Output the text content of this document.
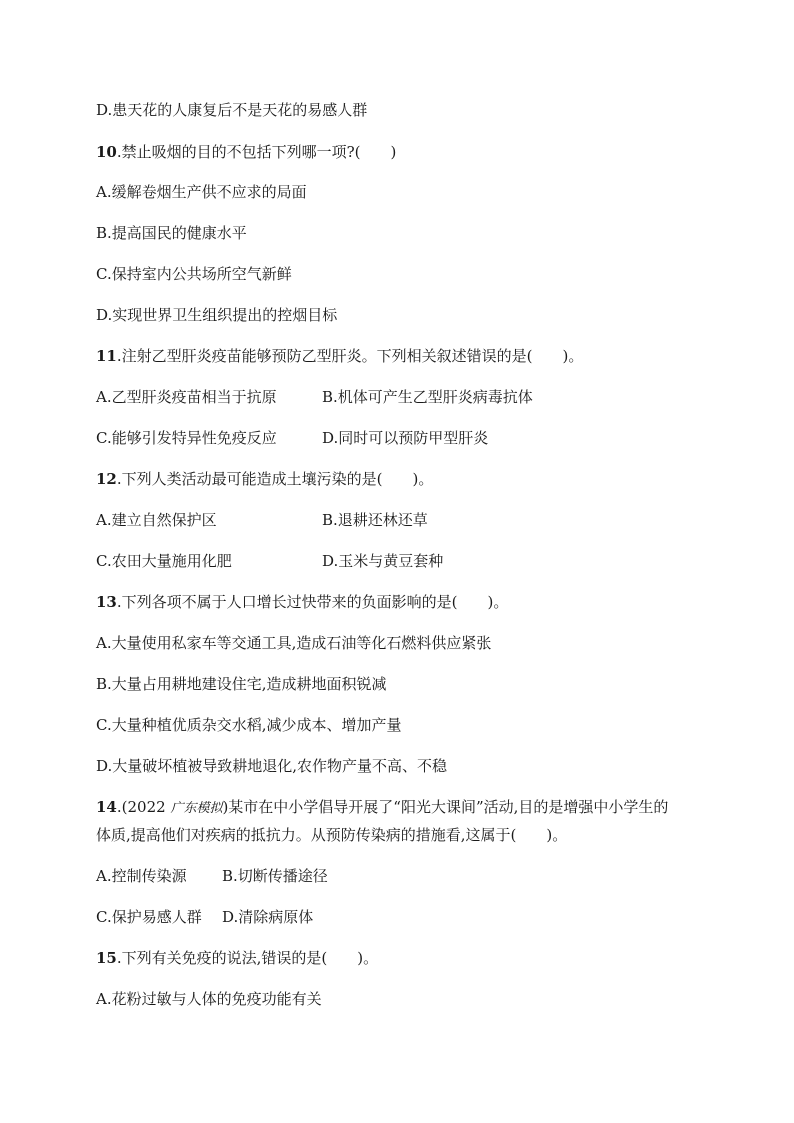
D.患天花的人康复后不是天花的易感人群
10.禁止吸烟的目的不包括下列哪一项?(　　)
A.缓解卷烟生产供不应求的局面
B.提高国民的健康水平
C.保持室内公共场所空气新鲜
D.实现世界卫生组织提出的控烟目标
11.注射乙型肝炎疫苗能够预防乙型肝炎。下列相关叙述错误的是(　　)。
A.乙型肝炎疫苗相当于抗原	B.机体可产生乙型肝炎病毒抗体
C.能够引发特异性免疫反应	D.同时可以预防甲型肝炎
12.下列人类活动最可能造成土壤污染的是(　　)。
A.建立自然保护区	B.退耕还林还草
C.农田大量施用化肥	D.玉米与黄豆套种
13.下列各项不属于人口增长过快带来的负面影响的是(　　)。
A.大量使用私家车等交通工具,造成石油等化石燃料供应紧张
B.大量占用耕地建设住宅,造成耕地面积锐减
C.大量种植优质杂交水稻,减少成本、增加产量
D.大量破坏植被导致耕地退化,农作物产量不高、不稳
14.(2022 广东模拟)某市在中小学倡导开展了“阳光大课间”活动,目的是增强中小学生的
体质,提高他们对疾病的抵抗力。从预防传染病的措施看,这属于(　　)。
A.控制传染源 B.切断传播途径
C.保护易感人群 D.清除病原体
15.下列有关免疫的说法,错误的是(　　)。
A.花粉过敏与人体的免疫功能有关
